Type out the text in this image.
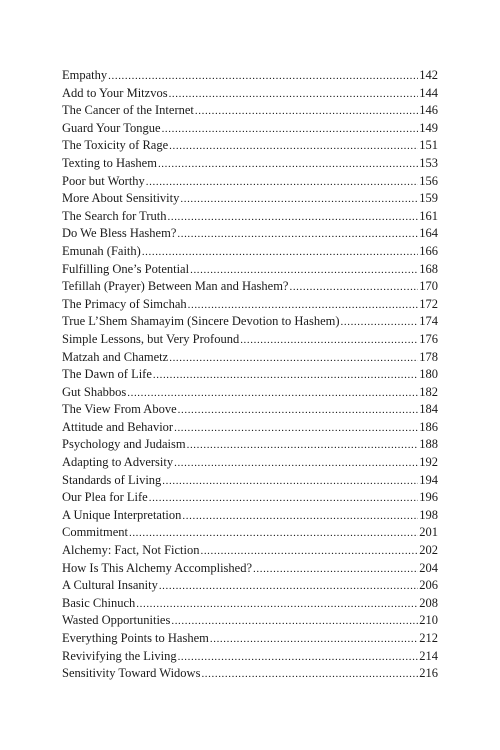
Empathy .....	142
Add to Your Mitzvos .....	144
The Cancer of the Internet .....	146
Guard Your Tongue .....	149
The Toxicity of Rage .....	151
Texting to Hashem .....	153
Poor but Worthy .....	156
More About Sensitivity .....	159
The Search for Truth .....	161
Do We Bless Hashem? .....	164
Emunah (Faith) .....	166
Fulfilling One’s Potential .....	168
Tefillah (Prayer) Between Man and Hashem? .....	170
The Primacy of Simchah .....	172
True L’Shem Shamayim (Sincere Devotion to Hashem) .....	174
Simple Lessons, but Very Profound .....	176
Matzah and Chametz .....	178
The Dawn of Life .....	180
Gut Shabbos .....	182
The View From Above .....	184
Attitude and Behavior .....	186
Psychology and Judaism .....	188
Adapting to Adversity .....	192
Standards of Living .....	194
Our Plea for Life .....	196
A Unique Interpretation .....	198
Commitment .....	201
Alchemy: Fact, Not Fiction .....	202
How Is This Alchemy Accomplished? .....	204
A Cultural Insanity .....	206
Basic Chinuch .....	208
Wasted Opportunities .....	210
Everything Points to Hashem .....	212
Revivifying the Living .....	214
Sensitivity Toward Widows .....	216
